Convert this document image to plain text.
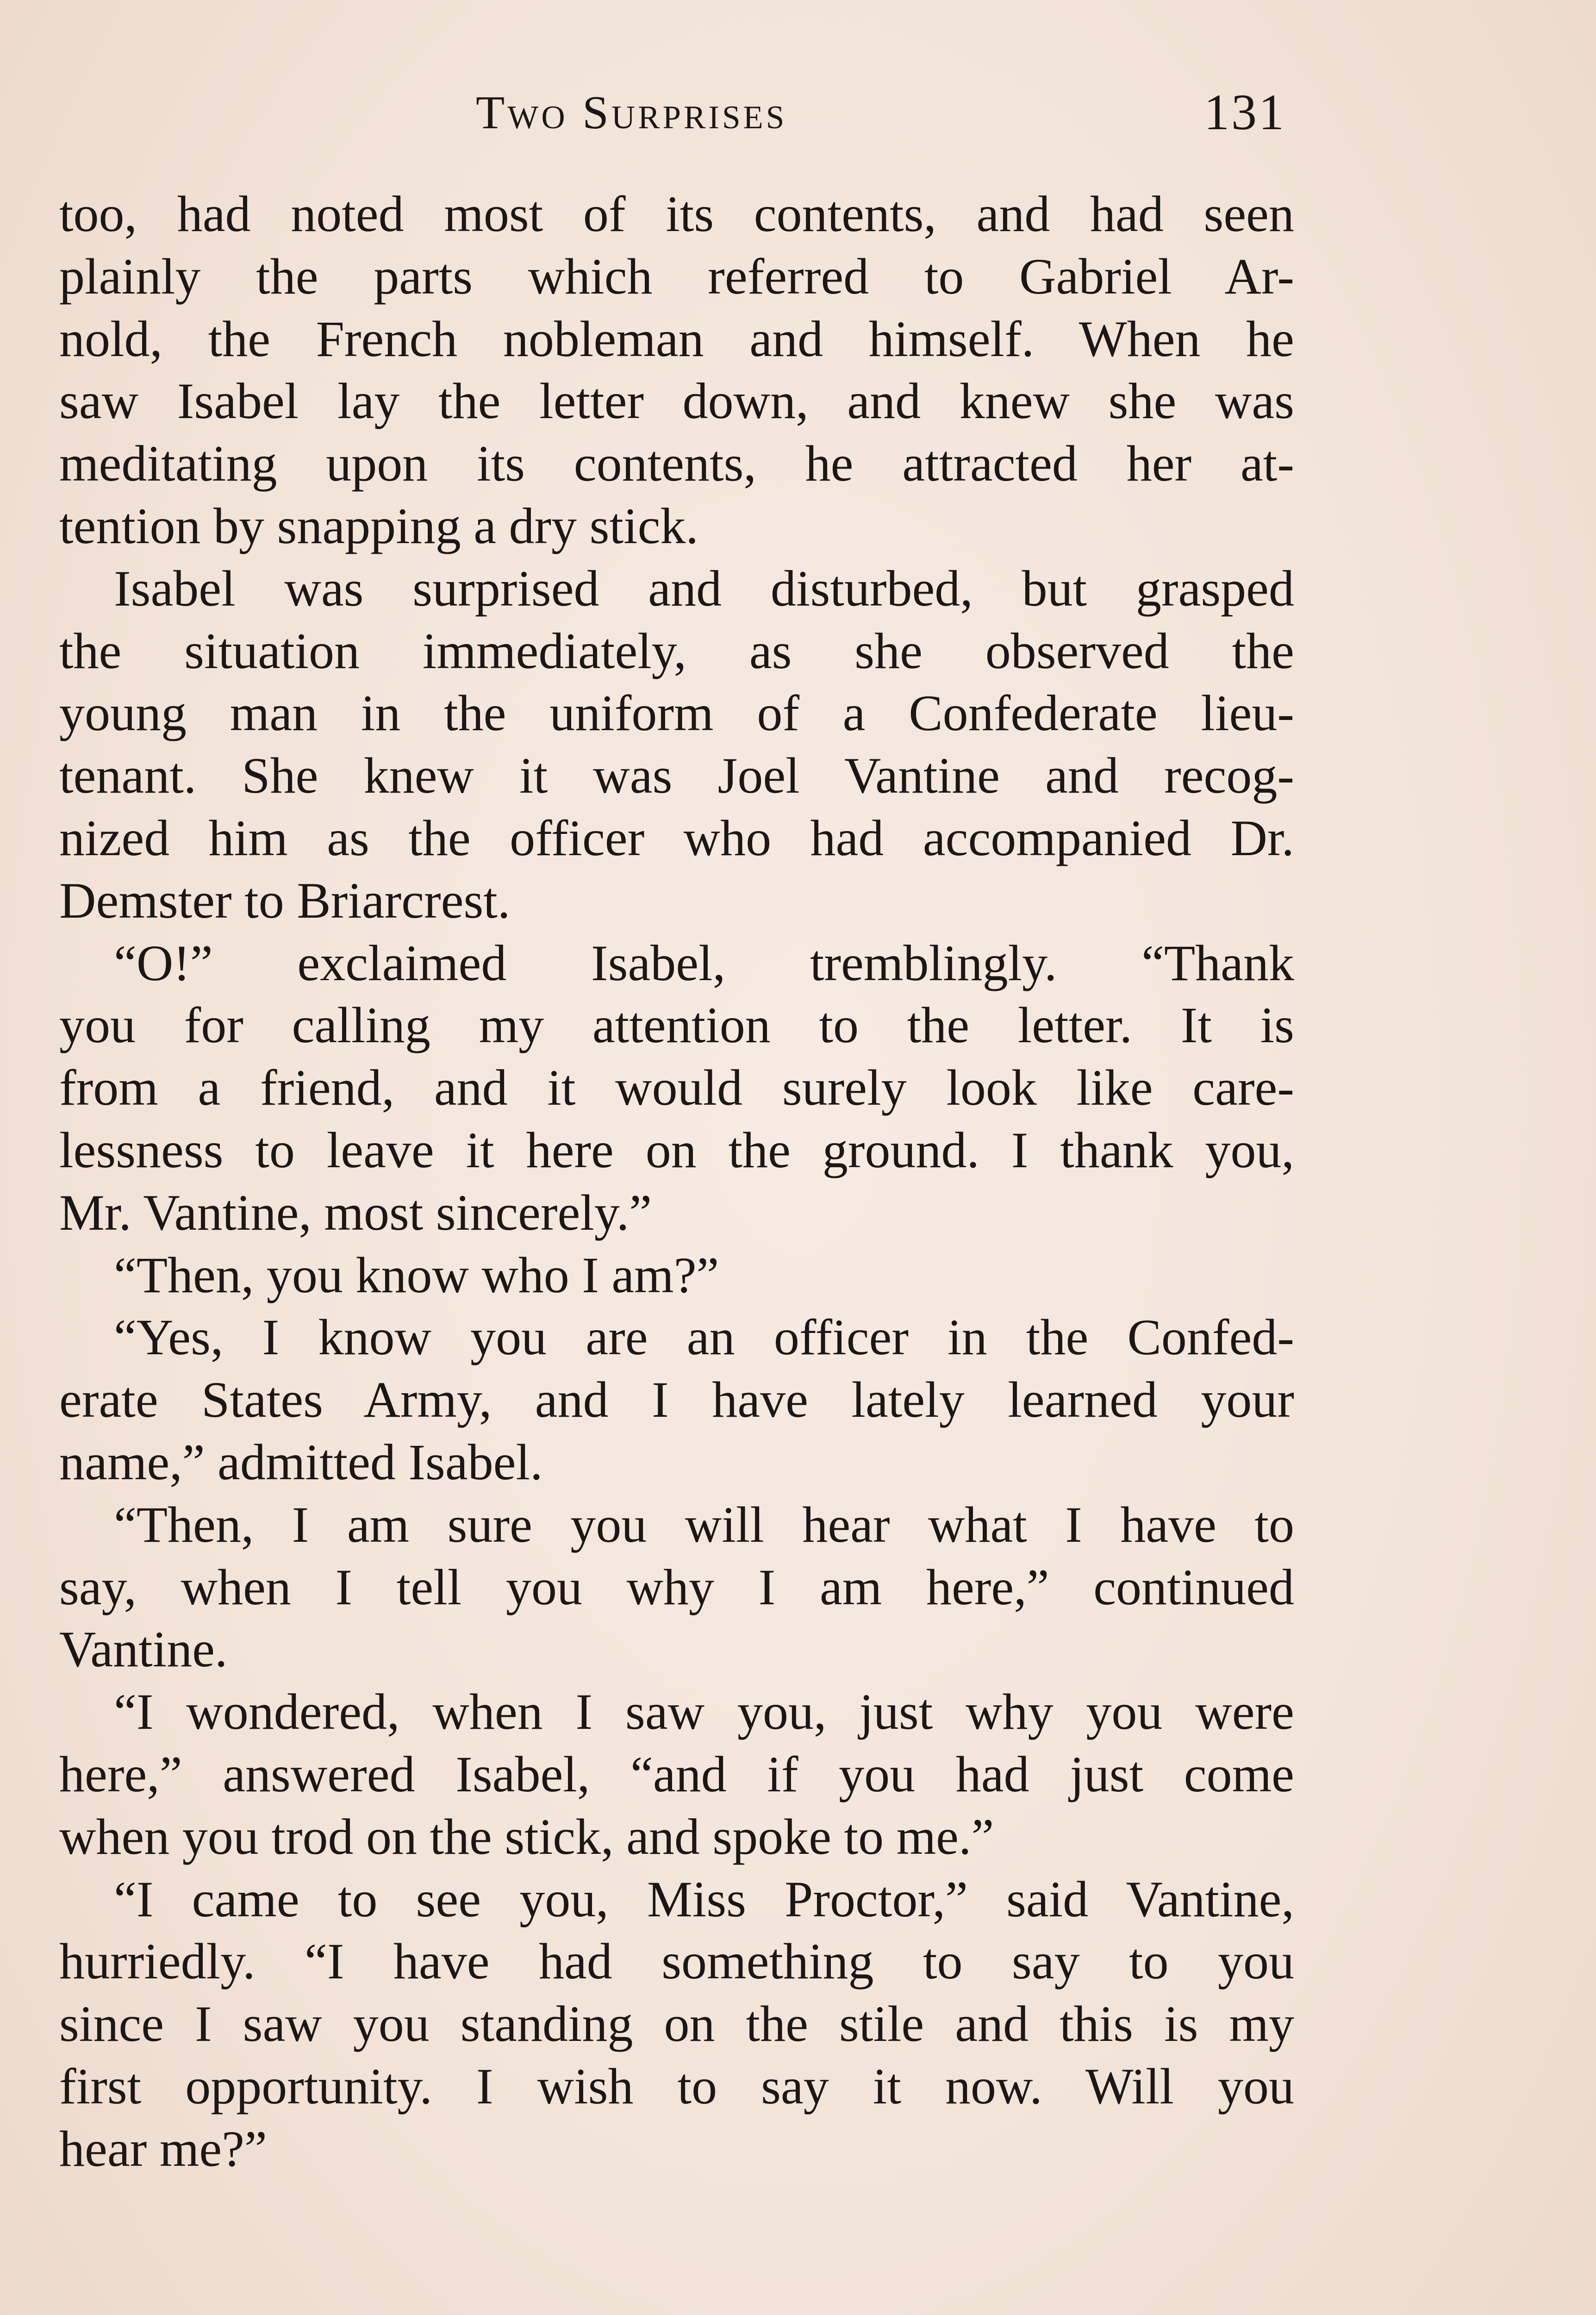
Two Surprises	131
too, had noted most of its contents, and had seen
plainly the parts which referred to Gabriel Ar-
nold, the French nobleman and himself. When he
saw Isabel lay the letter down, and knew she was
meditating upon its contents, he attracted her at-
tention by snapping a dry stick.
Isabel was surprised and disturbed, but grasped
the situation immediately, as she observed the
young man in the uniform of a Confederate lieu-
tenant. She knew it was Joel Vantine and recog-
nized him as the officer who had accompanied Dr.
Demster to Briarcrest.
“O!” exclaimed Isabel, tremblingly. “Thank
you for calling my attention to the letter. It is
from a friend, and it would surely look like care-
lessness to leave it here on the ground. I thank you,
Mr. Vantine, most sincerely.”
“Then, you know who I am?”
“Yes, I know you are an officer in the Confed-
erate States Army, and I have lately learned your
name,” admitted Isabel.
“Then, I am sure you will hear what I have to
say, when I tell you why I am here,” continued
Vantine.
“I wondered, when I saw you, just why you were
here,” answered Isabel, “and if you had just come
when you trod on the stick, and spoke to me.”
“I came to see you, Miss Proctor,” said Vantine,
hurriedly. “I have had something to say to you
since I saw you standing on the stile and this is my
first opportunity. I wish to say it now. Will you
hear me?”
